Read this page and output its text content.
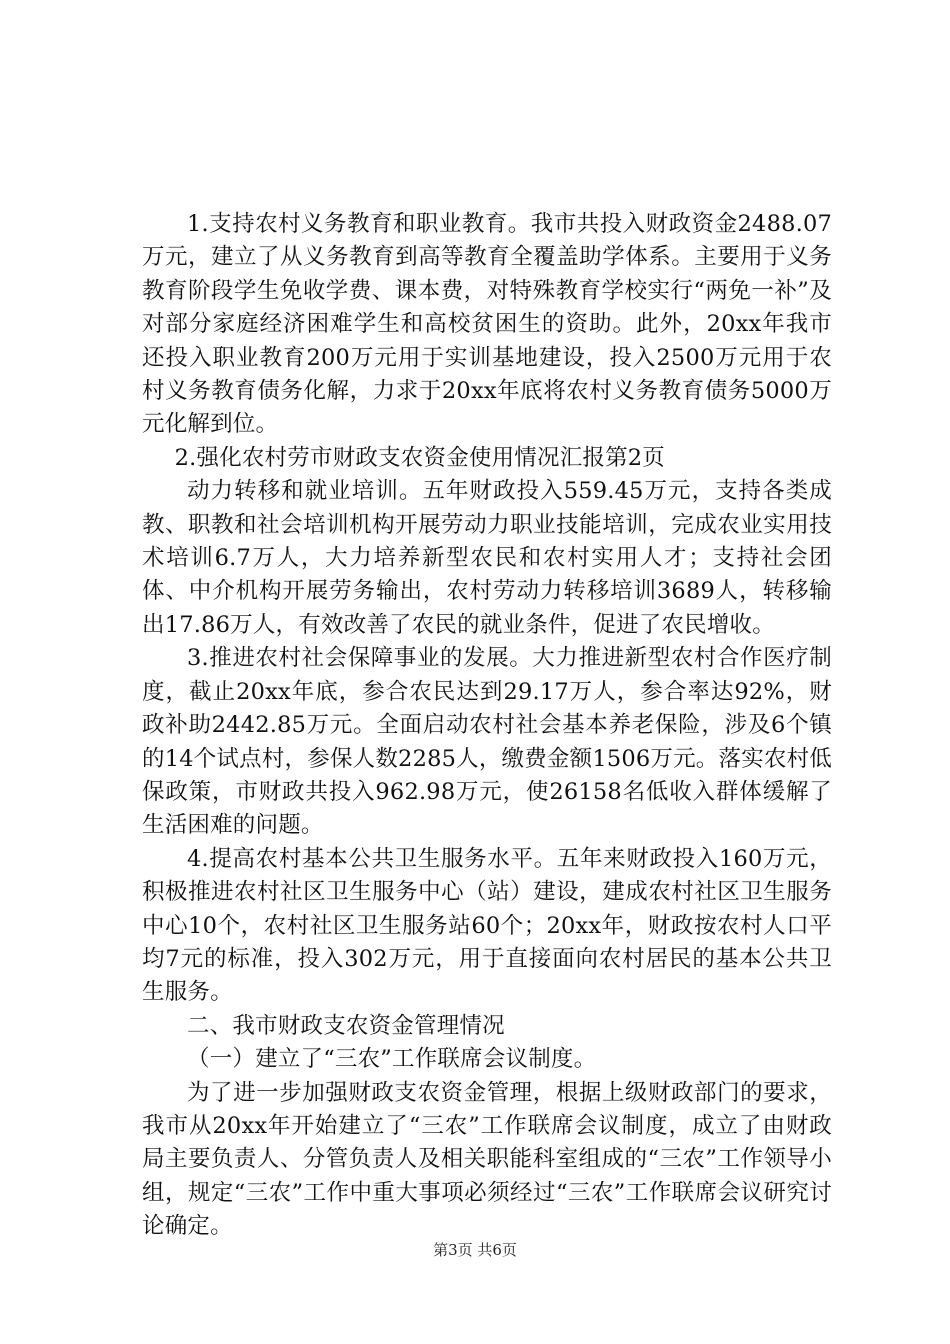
1.支持农村义务教育和职业教育。我市共投入财政资金2488.07万元，建立了从义务教育到高等教育全覆盖助学体系。主要用于义务教育阶段学生免收学费、课本费，对特殊教育学校实行“两免一补”及对部分家庭经济困难学生和高校贫困生的资助。此外，20xx年我市还投入职业教育200万元用于实训基地建设，投入2500万元用于农村义务教育债务化解，力求于20xx年底将农村义务教育债务5000万元化解到位。

2.强化农村劳市财政支农资金使用情况汇报第2页

动力转移和就业培训。五年财政投入559.45万元，支持各类成教、职教和社会培训机构开展劳动力职业技能培训，完成农业实用技术培训6.7万人，大力培养新型农民和农村实用人才；支持社会团体、中介机构开展劳务输出，农村劳动力转移培训3689人，转移输出17.86万人，有效改善了农民的就业条件，促进了农民增收。

3.推进农村社会保障事业的发展。大力推进新型农村合作医疗制度，截止20xx年底，参合农民达到29.17万人，参合率达92%，财政补助2442.85万元。全面启动农村社会基本养老保险，涉及6个镇的14个试点村，参保人数2285人，缴费金额1506万元。落实农村低保政策，市财政共投入962.98万元，使26158名低收入群体缓解了生活困难的问题。

4.提高农村基本公共卫生服务水平。五年来财政投入160万元，积极推进农村社区卫生服务中心（站）建设，建成农村社区卫生服务中心10个，农村社区卫生服务站60个；20xx年，财政按农村人口平均7元的标准，投入302万元，用于直接面向农村居民的基本公共卫生服务。

二、我市财政支农资金管理情况

（一）建立了“三农”工作联席会议制度。

为了进一步加强财政支农资金管理，根据上级财政部门的要求，我市从20xx年开始建立了“三农”工作联席会议制度，成立了由财政局主要负责人、分管负责人及相关职能科室组成的“三农”工作领导小组，规定“三农”工作中重大事项必须经过“三农”工作联席会议研究讨论确定。

第3页 共6页
